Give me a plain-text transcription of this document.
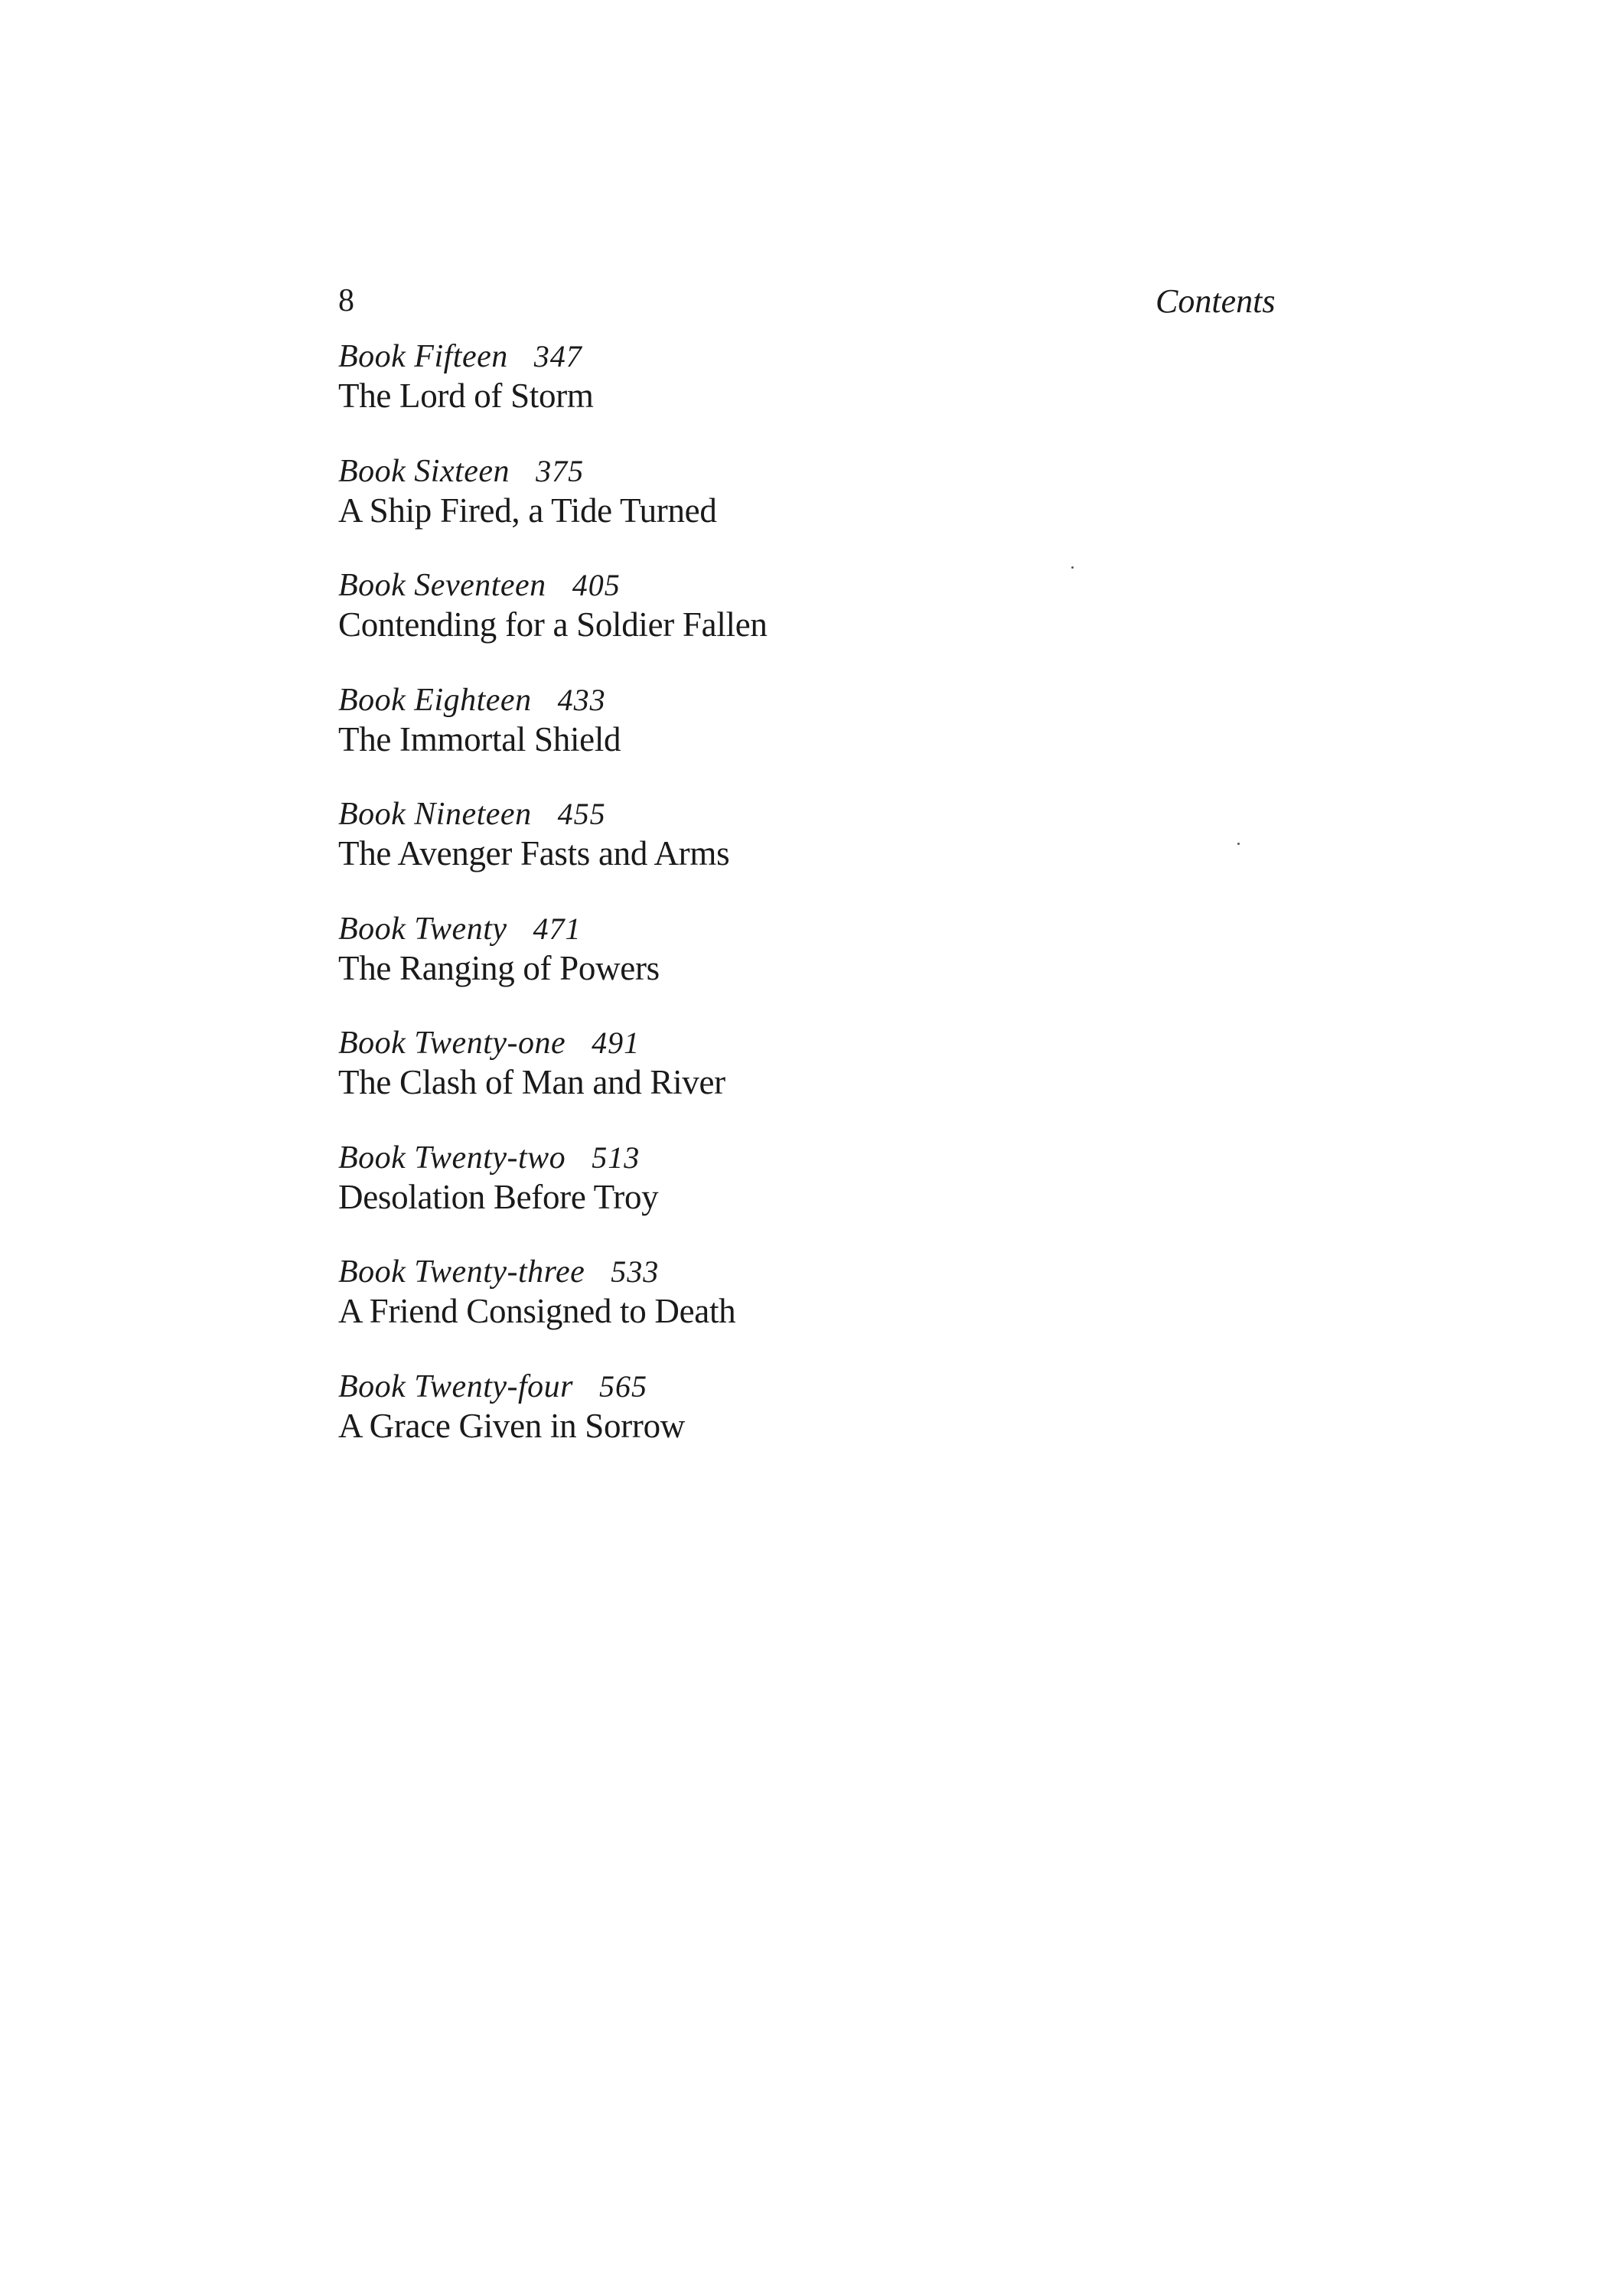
8	Contents
Book Fifteen 347
The Lord of Storm
Book Sixteen 375
A Ship Fired, a Tide Turned
Book Seventeen 405
Contending for a Soldier Fallen
Book Eighteen 433
The Immortal Shield
Book Nineteen 455
The Avenger Fasts and Arms
Book Twenty 471
The Ranging of Powers
Book Twenty-one 491
The Clash of Man and River
Book Twenty-two 513
Desolation Before Troy
Book Twenty-three 533
A Friend Consigned to Death
Book Twenty-four 565
A Grace Given in Sorrow
